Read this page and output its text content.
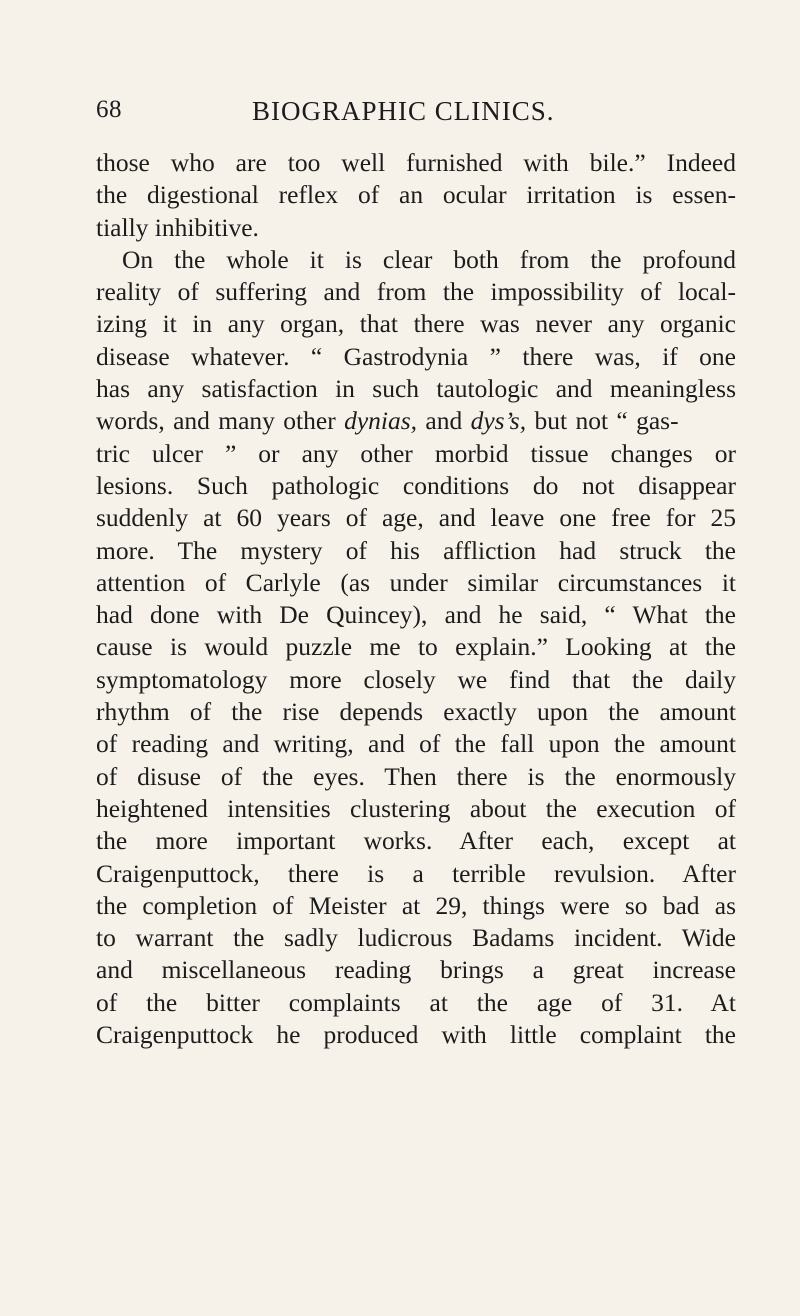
68	BIOGRAPHIC CLINICS.
those who are too well furnished with bile.” Indeed
the digestional reflex of an ocular irritation is essen-
tially inhibitive.
On the whole it is clear both from the profound
reality of suffering and from the impossibility of local-
izing it in any organ, that there was never any organic
disease whatever. “ Gastrodynia ” there was, if one
has any satisfaction in such tautologic and meaningless
words, and many other dynias, and dys’s, but not “ gas-
tric ulcer ” or any other morbid tissue changes or
lesions. Such pathologic conditions do not disappear
suddenly at 60 years of age, and leave one free for 25
more. The mystery of his affliction had struck the
attention of Carlyle (as under similar circumstances it
had done with De Quincey), and he said, “ What the
cause is would puzzle me to explain.” Looking at the
symptomatology more closely we find that the daily
rhythm of the rise depends exactly upon the amount
of reading and writing, and of the fall upon the amount
of disuse of the eyes. Then there is the enormously
heightened intensities clustering about the execution of
the more important works. After each, except at
Craigenputtock, there is a terrible revulsion. After
the completion of Meister at 29, things were so bad as
to warrant the sadly ludicrous Badams incident. Wide
and miscellaneous reading brings a great increase
of the bitter complaints at the age of 31. At
Craigenputtock he produced with little complaint the
